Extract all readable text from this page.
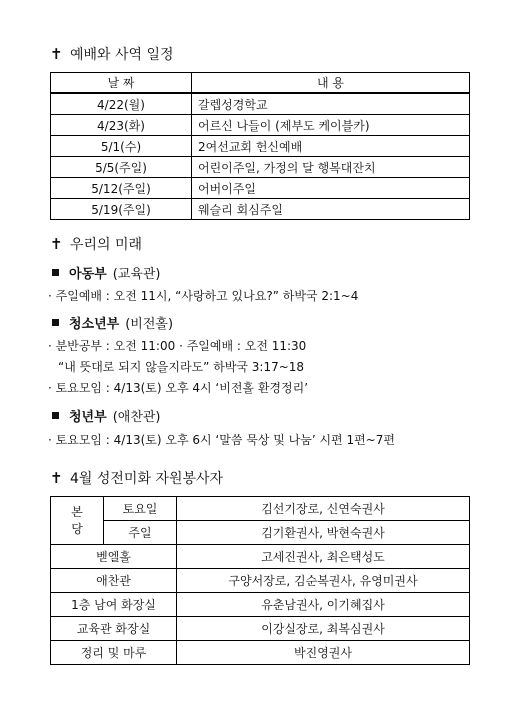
✝ 예배와 사역 일정
날 짜	내 용
4/22(월)	갈렙성경학교
4/23(화)	어르신 나들이 (제부도 케이블카)
5/1(수)	2여선교회 헌신예배
5/5(주일)	어린이주일, 가정의 달 행복대잔치
5/12(주일)	어버이주일
5/19(주일)	웨슬리 회심주일
✝ 우리의 미래
아동부 (교육관)
· 주일예배 : 오전 11시, “사랑하고 있나요?” 하박국 2:1~4
청소년부 (비전홀)
· 분반공부 : 오전 11:00 · 주일예배 : 오전 11:30
“내 뜻대로 되지 않을지라도” 하박국 3:17~18
· 토요모임 : 4/13(토) 오후 4시 ‘비전홀 환경정리’
청년부 (애찬관)
· 토요모임 : 4/13(토) 오후 6시 ‘말씀 묵상 및 나눔’ 시편 1편~7편
✝ 4월 성전미화 자원봉사자
본
당	토요일	김선기장로, 신연숙권사
	주일	김기환권사, 박현숙권사
벧엘홀		고세진권사, 최은택성도
애찬관		구양서장로, 김순복권사, 유영미권사
1층 남여 화장실		유춘남권사, 이기혜집사
교육관 화장실		이강실장로, 최복심권사
정리 및 마루		박진영권사
